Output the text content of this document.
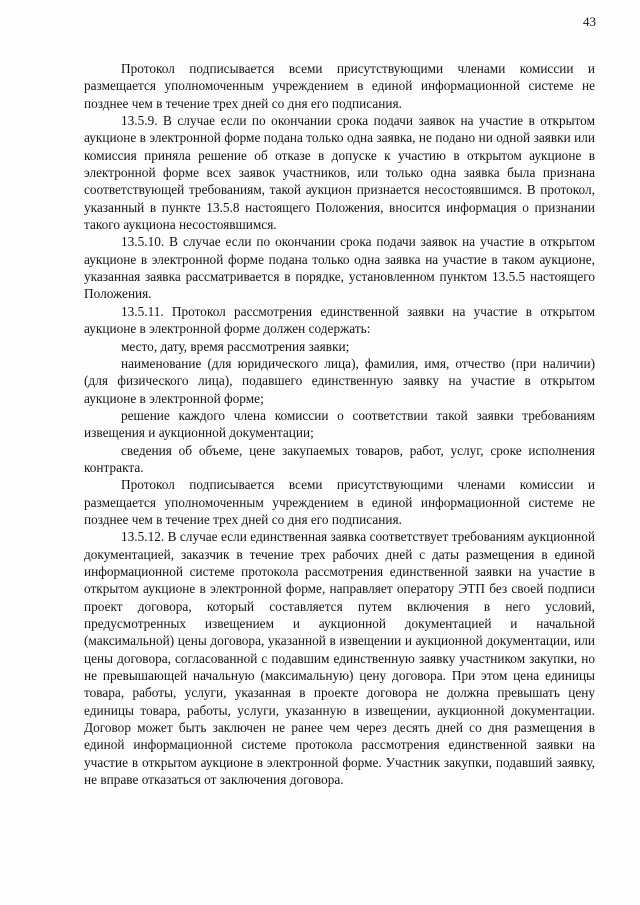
43

Протокол подписывается всеми присутствующими членами комиссии и размещается уполномоченным учреждением в единой информационной системе не позднее чем в течение трех дней со дня его подписания.

13.5.9. В случае если по окончании срока подачи заявок на участие в открытом аукционе в электронной форме подана только одна заявка, не подано ни одной заявки или комиссия приняла решение об отказе в допуске к участию в открытом аукционе в электронной форме всех заявок участников, или только одна заявка была признана соответствующей требованиям, такой аукцион признается несостоявшимся. В протокол, указанный в пункте 13.5.8 настоящего Положения, вносится информация о признании такого аукциона несостоявшимся.

13.5.10. В случае если по окончании срока подачи заявок на участие в открытом аукционе в электронной форме подана только одна заявка на участие в таком аукционе, указанная заявка рассматривается в порядке, установленном пунктом 13.5.5 настоящего Положения.

13.5.11. Протокол рассмотрения единственной заявки на участие в открытом аукционе в электронной форме должен содержать:

место, дату, время рассмотрения заявки;

наименование (для юридического лица), фамилия, имя, отчество (при наличии) (для физического лица), подавшего единственную заявку на участие в открытом аукционе в электронной форме;

решение каждого члена комиссии о соответствии такой заявки требованиям извещения и аукционной документации;

сведения об объеме, цене закупаемых товаров, работ, услуг, сроке исполнения контракта.

Протокол подписывается всеми присутствующими членами комиссии и размещается уполномоченным учреждением в единой информационной системе не позднее чем в течение трех дней со дня его подписания.

13.5.12. В случае если единственная заявка соответствует требованиям аукционной документацией, заказчик в течение трех рабочих дней с даты размещения в единой информационной системе протокола рассмотрения единственной заявки на участие в открытом аукционе в электронной форме, направляет оператору ЭТП без своей подписи проект договора, который составляется путем включения в него условий, предусмотренных извещением и аукционной документацией и начальной (максимальной) цены договора, указанной в извещении и аукционной документации, или цены договора, согласованной с подавшим единственную заявку участником закупки, но не превышающей начальную (максимальную) цену договора. При этом цена единицы товара, работы, услуги, указанная в проекте договора не должна превышать цену единицы товара, работы, услуги, указанную в извещении, аукционной документации. Договор может быть заключен не ранее чем через десять дней со дня размещения в единой информационной системе протокола рассмотрения единственной заявки на участие в открытом аукционе в электронной форме. Участник закупки, подавший заявку, не вправе отказаться от заключения договора.
